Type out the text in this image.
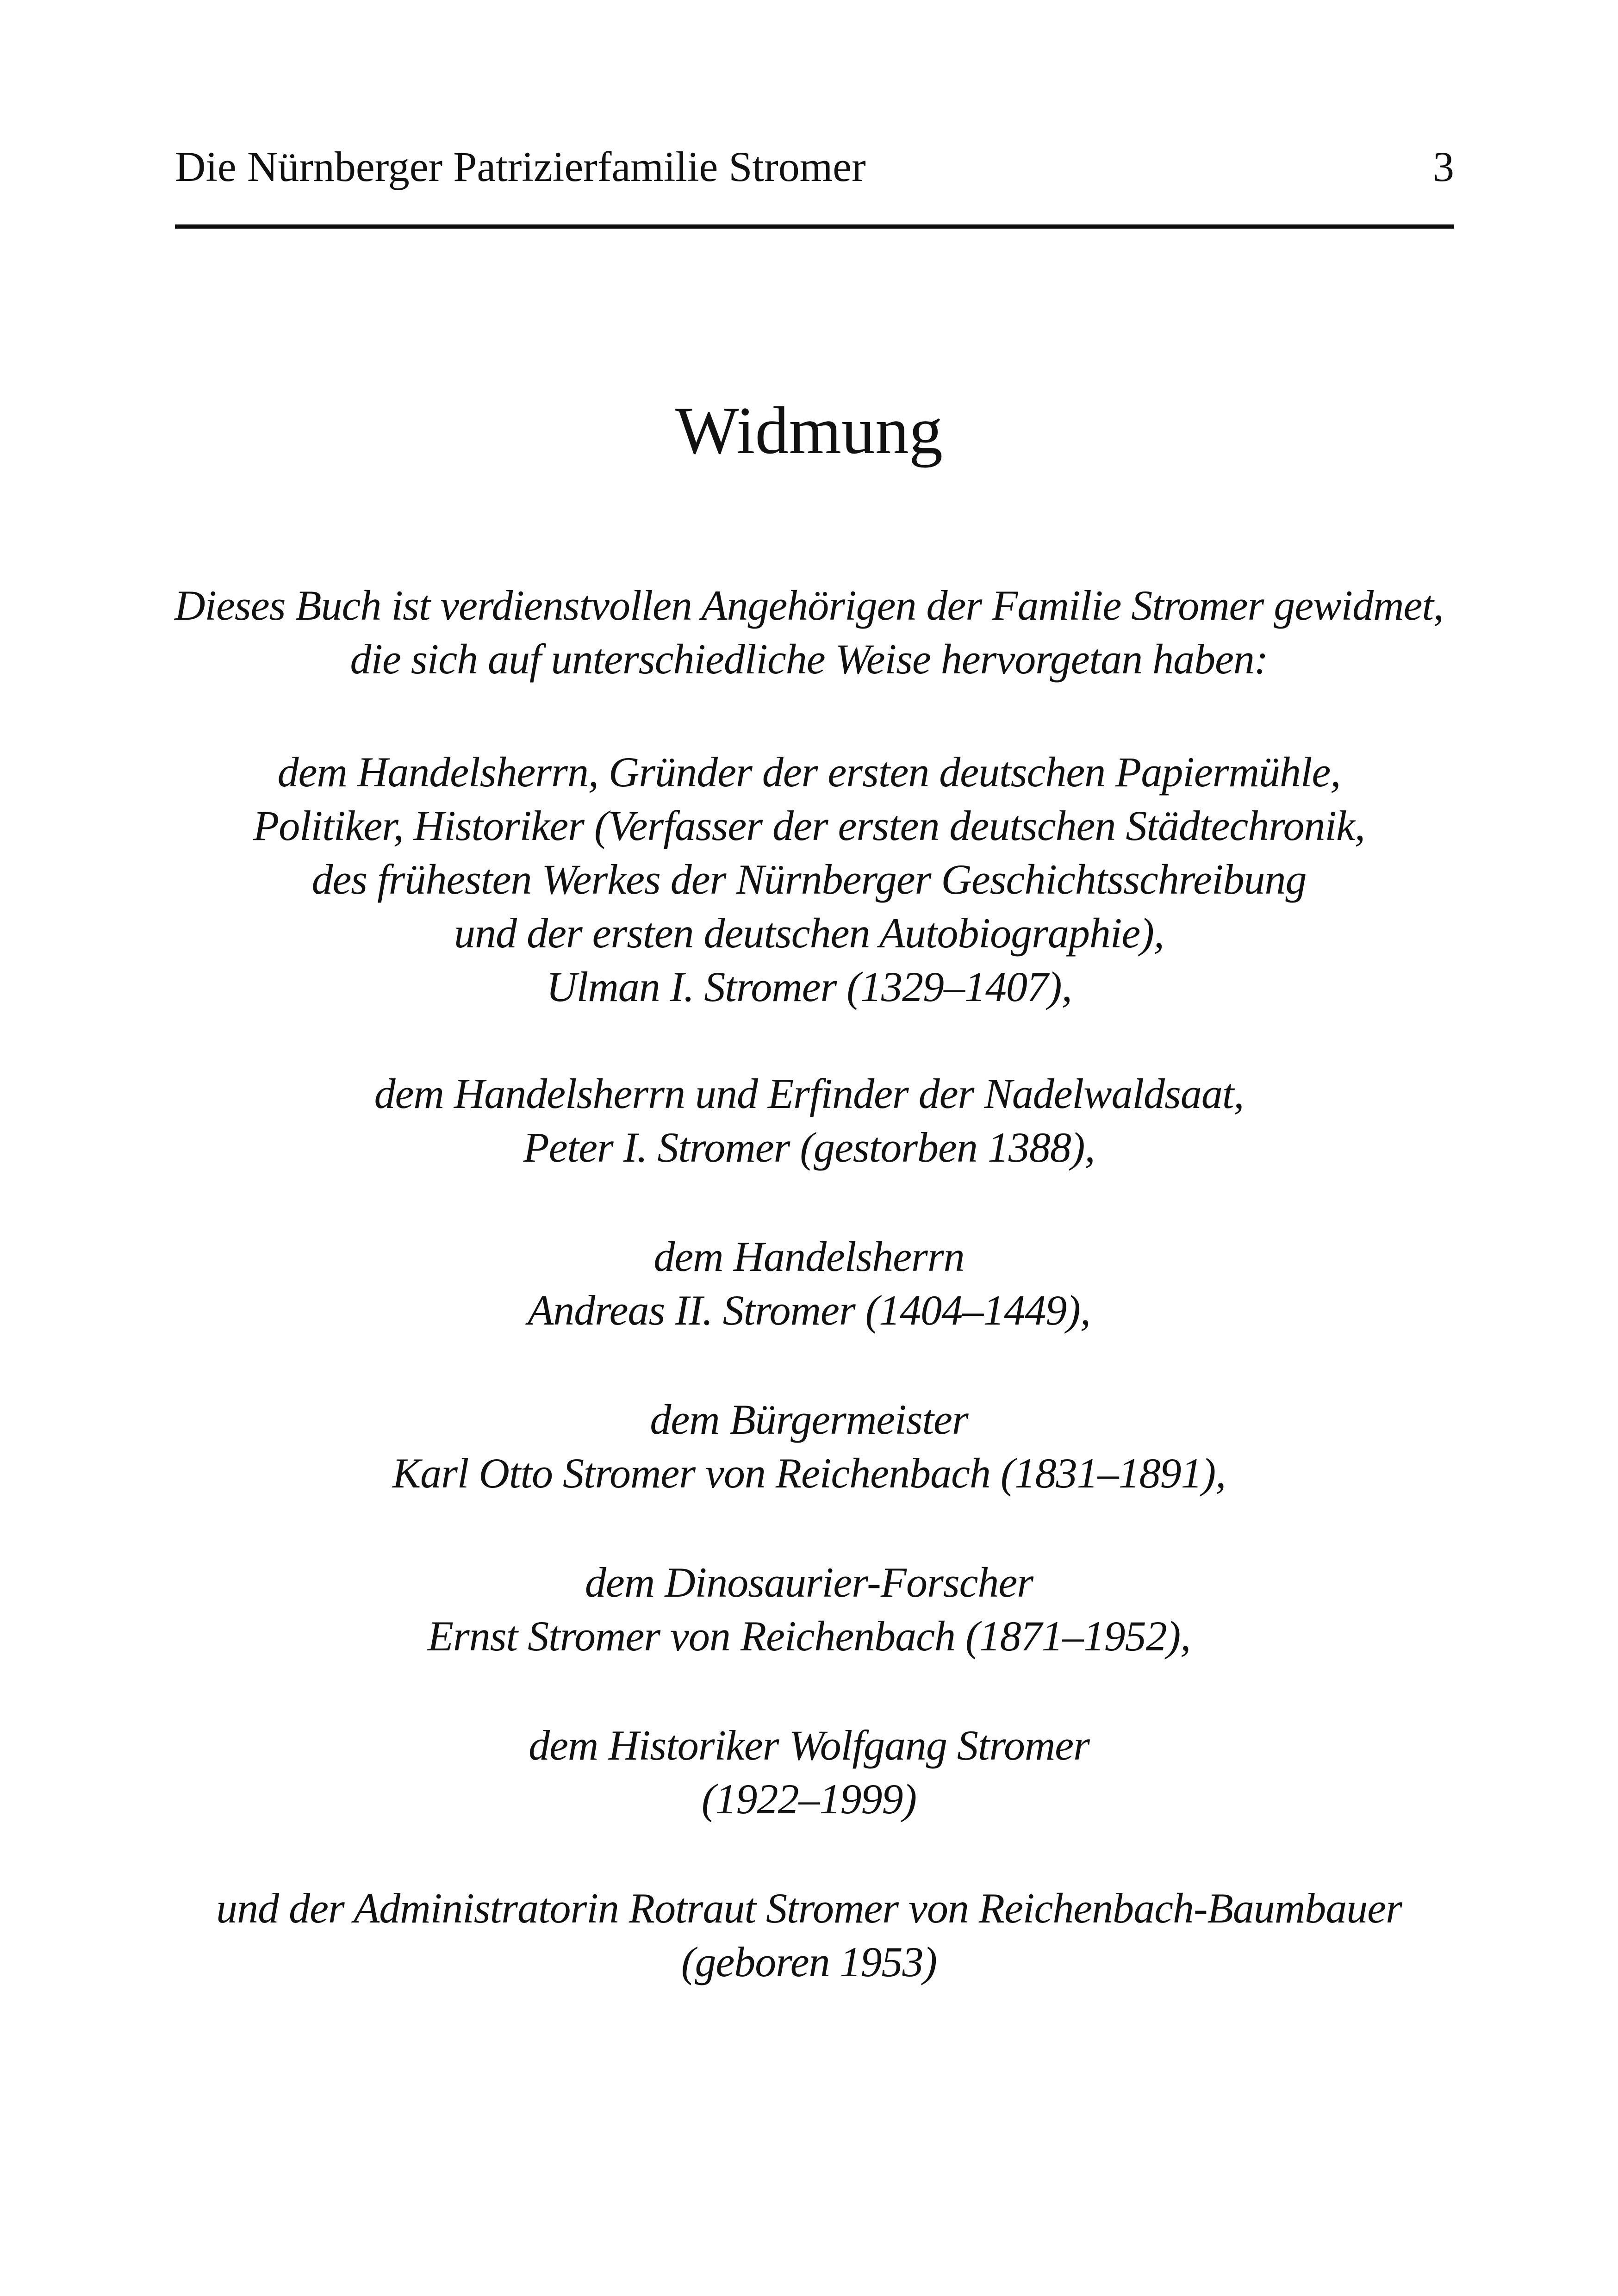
Die Nürnberger Patrizierfamilie Stromer	3
Widmung
Dieses Buch ist verdienstvollen Angehörigen der Familie Stromer gewidmet,
die sich auf unterschiedliche Weise hervorgetan haben:
dem Handelsherrn, Gründer der ersten deutschen Papiermühle,
Politiker, Historiker (Verfasser der ersten deutschen Städtechronik,
des frühesten Werkes der Nürnberger Geschichtsschreibung
und der ersten deutschen Autobiographie),
Ulman I. Stromer (1329–1407),
dem Handelsherrn und Erfinder der Nadelwaldsaat,
Peter I. Stromer (gestorben 1388),
dem Handelsherrn
Andreas II. Stromer (1404–1449),
dem Bürgermeister
Karl Otto Stromer von Reichenbach (1831–1891),
dem Dinosaurier-Forscher
Ernst Stromer von Reichenbach (1871–1952),
dem Historiker Wolfgang Stromer
(1922–1999)
und der Administratorin Rotraut Stromer von Reichenbach-Baumbauer
(geboren 1953)
